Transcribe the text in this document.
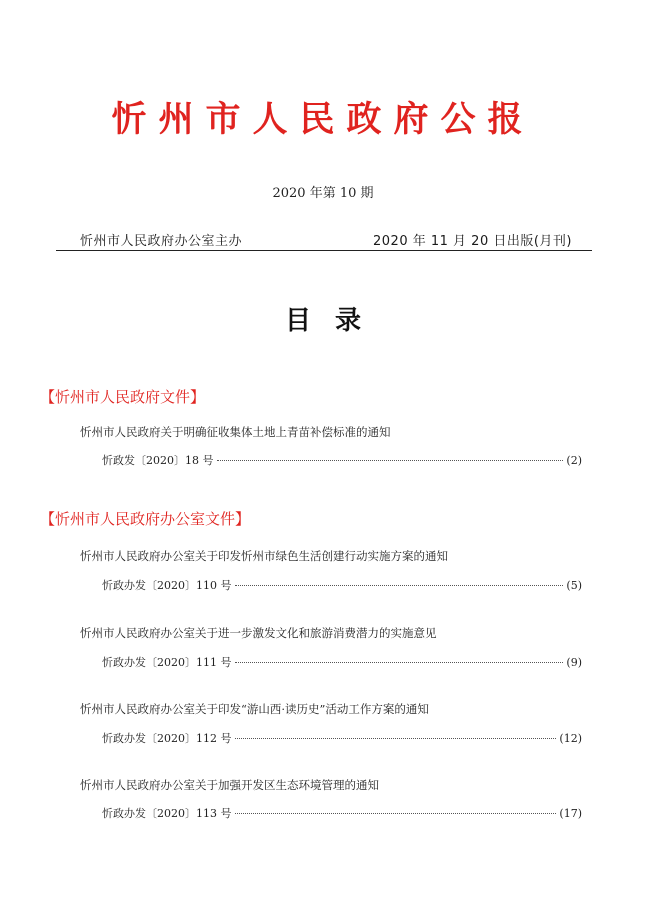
忻州市人民政府公报
2020 年第 10 期
忻州市人民政府办公室主办	2020 年 11 月 20 日出版(月刊)
目录
【忻州市人民政府文件】
忻州市人民政府关于明确征收集体土地上青苗补偿标准的通知
忻政发〔2020〕18 号	(2)
【忻州市人民政府办公室文件】
忻州市人民政府办公室关于印发忻州市绿色生活创建行动实施方案的通知
忻政办发〔2020〕110 号	(5)
忻州市人民政府办公室关于进一步激发文化和旅游消费潜力的实施意见
忻政办发〔2020〕111 号	(9)
忻州市人民政府办公室关于印发“游山西·读历史”活动工作方案的通知
忻政办发〔2020〕112 号	(12)
忻州市人民政府办公室关于加强开发区生态环境管理的通知
忻政办发〔2020〕113 号	(17)
